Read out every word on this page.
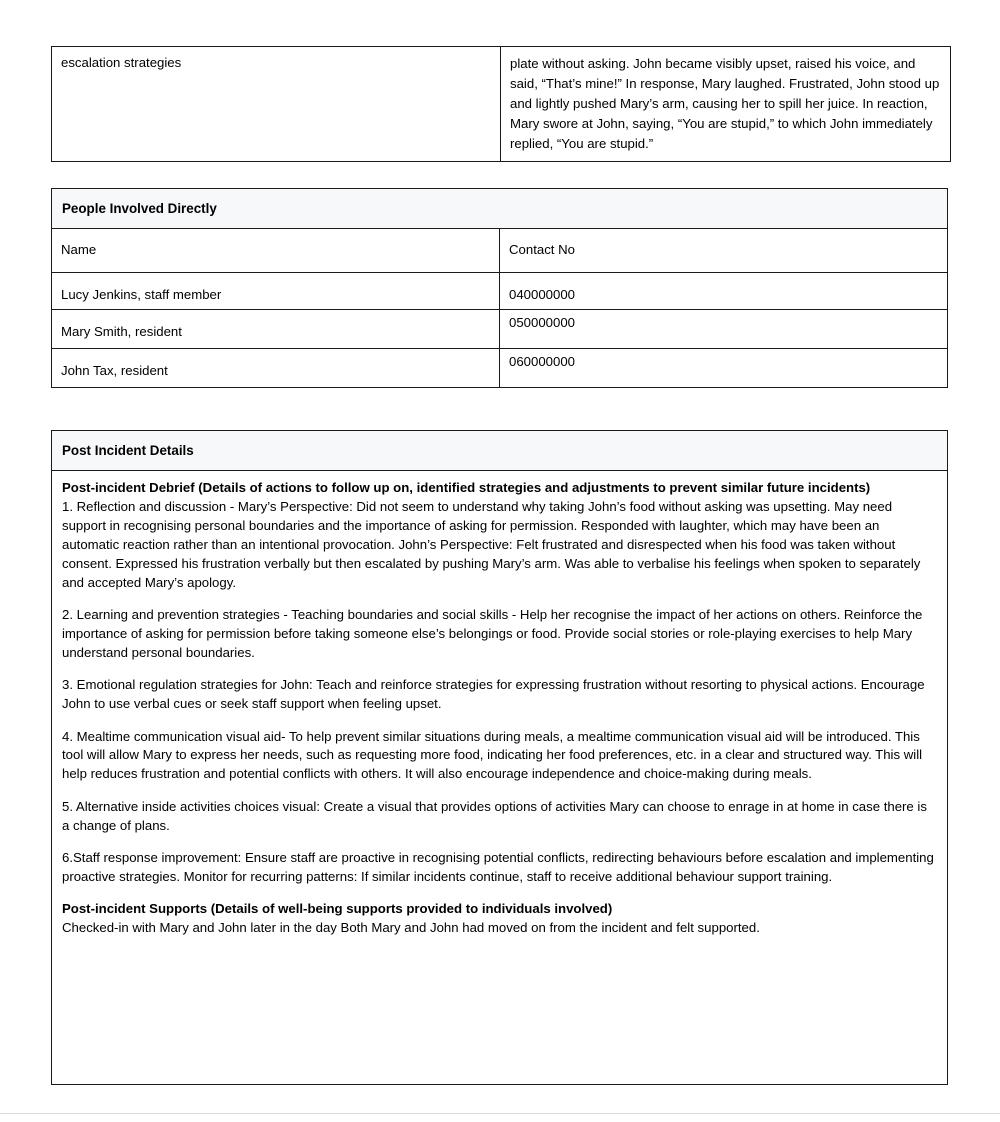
escalation strategies	plate without asking. John became visibly upset, raised his voice, and said, “That’s mine!” In response, Mary laughed. Frustrated, John stood up and lightly pushed Mary’s arm, causing her to spill her juice. In reaction, Mary swore at John, saying, “You are stupid,” to which John immediately replied, “You are stupid.”
People Involved Directly	

Name	Contact No

Lucy Jenkins, staff member	040000000

Mary Smith, resident	050000000

John Tax, resident	060000000
Post Incident Details

Post-incident Debrief (Details of actions to follow up on, identified strategies and adjustments to prevent similar future incidents)

1. Reflection and discussion - Mary’s Perspective: Did not seem to understand why taking John’s food without asking was upsetting. May need support in recognising personal boundaries and the importance of asking for permission. Responded with laughter, which may have been an automatic reaction rather than an intentional provocation. John’s Perspective: Felt frustrated and disrespected when his food was taken without consent. Expressed his frustration verbally but then escalated by pushing Mary’s arm. Was able to verbalise his feelings when spoken to separately and accepted Mary’s apology.

2. Learning and prevention strategies - Teaching boundaries and social skills - Help her recognise the impact of her actions on others. Reinforce the importance of asking for permission before taking someone else’s belongings or food. Provide social stories or role-playing exercises to help Mary understand personal boundaries.

3. Emotional regulation strategies for John: Teach and reinforce strategies for expressing frustration without resorting to physical actions. Encourage John to use verbal cues or seek staff support when feeling upset.

4. Mealtime communication visual aid- To help prevent similar situations during meals, a mealtime communication visual aid will be introduced. This tool will allow Mary to express her needs, such as requesting more food, indicating her food preferences, etc. in a clear and structured way. This will help reduces frustration and potential conflicts with others. It will also encourage independence and choice-making during meals.

5. Alternative inside activities choices visual: Create a visual that provides options of activities Mary can choose to enrage in at home in case there is a change of plans.

6.Staff response improvement: Ensure staff are proactive in recognising potential conflicts, redirecting behaviours before escalation and implementing proactive strategies. Monitor for recurring patterns: If similar incidents continue, staff to receive additional behaviour support training.

Post-incident Supports (Details of well-being supports provided to individuals involved)

Checked-in with Mary and John later in the day Both Mary and John had moved on from the incident and felt supported.
